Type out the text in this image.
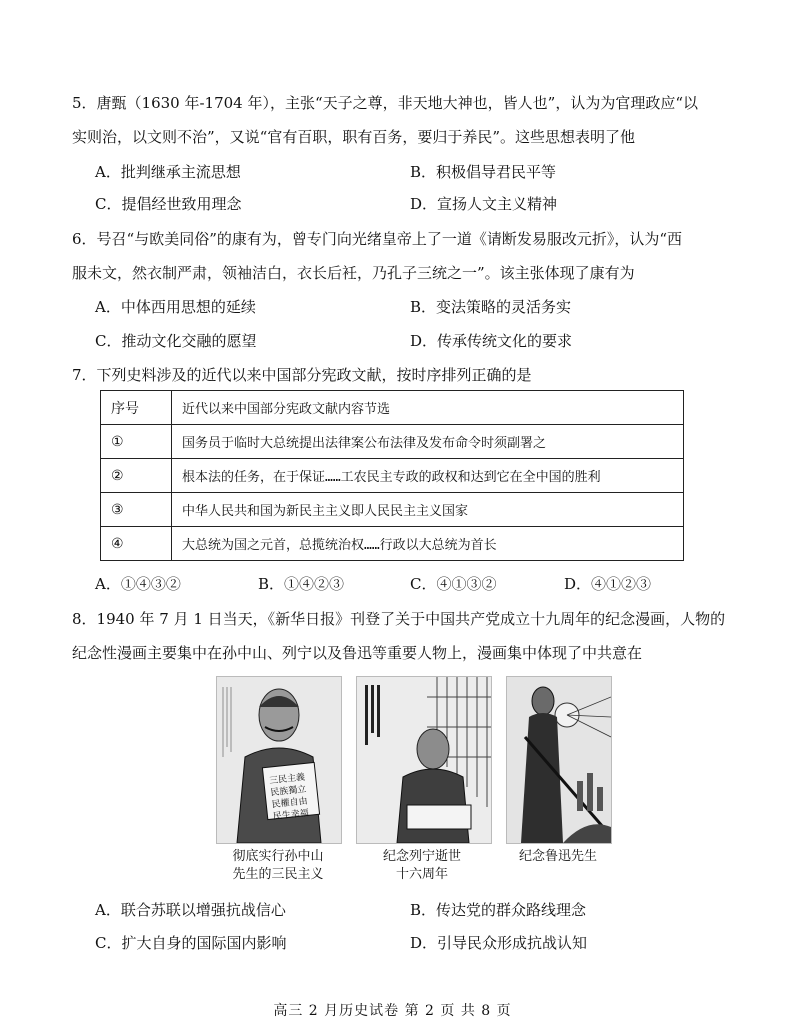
5．唐甄（1630 年-1704 年），主张“天子之尊，非天地大神也，皆人也”，认为为官理政应“以
实则治，以文则不治”，又说“官有百职，职有百务，要归于养民”。这些思想表明了他
A．批判继承主流思想	B．积极倡导君民平等
C．提倡经世致用理念	D．宣扬人文主义精神
6．号召“与欧美同俗”的康有为，曾专门向光绪皇帝上了一道《请断发易服改元折》，认为“西
服未文，然衣制严肃，领袖洁白，衣长后衽，乃孔子三统之一”。该主张体现了康有为
A．中体西用思想的延续	B．变法策略的灵活务实
C．推动文化交融的愿望	D．传承传统文化的要求
7．下列史料涉及的近代以来中国部分宪政文献，按时序排列正确的是
序号	近代以来中国部分宪政文献内容节选
①	国务员于临时大总统提出法律案公布法律及发布命令时须副署之
②	根本法的任务，在于保证……工农民主专政的政权和达到它在全中国的胜利
③	中华人民共和国为新民主主义即人民民主主义国家
④	大总统为国之元首，总揽统治权……行政以大总统为首长
A．①④③②	B．①④②③	C．④①③②	D．④①②③
8．1940 年 7 月 1 日当天，《新华日报》刊登了关于中国共产党成立十九周年的纪念漫画，人物的
纪念性漫画主要集中在孙中山、列宁以及鲁迅等重要人物上，漫画集中体现了中共意在
三民主義
民族獨立
民權自由
民生幸福
彻底实行孙中山
先生的三民主义
纪念列宁逝世
十六周年
纪念鲁迅先生
A．联合苏联以增强抗战信心	B．传达党的群众路线理念
C．扩大自身的国际国内影响	D．引导民众形成抗战认知
高三 2 月历史试卷 第 2 页 共 8 页
